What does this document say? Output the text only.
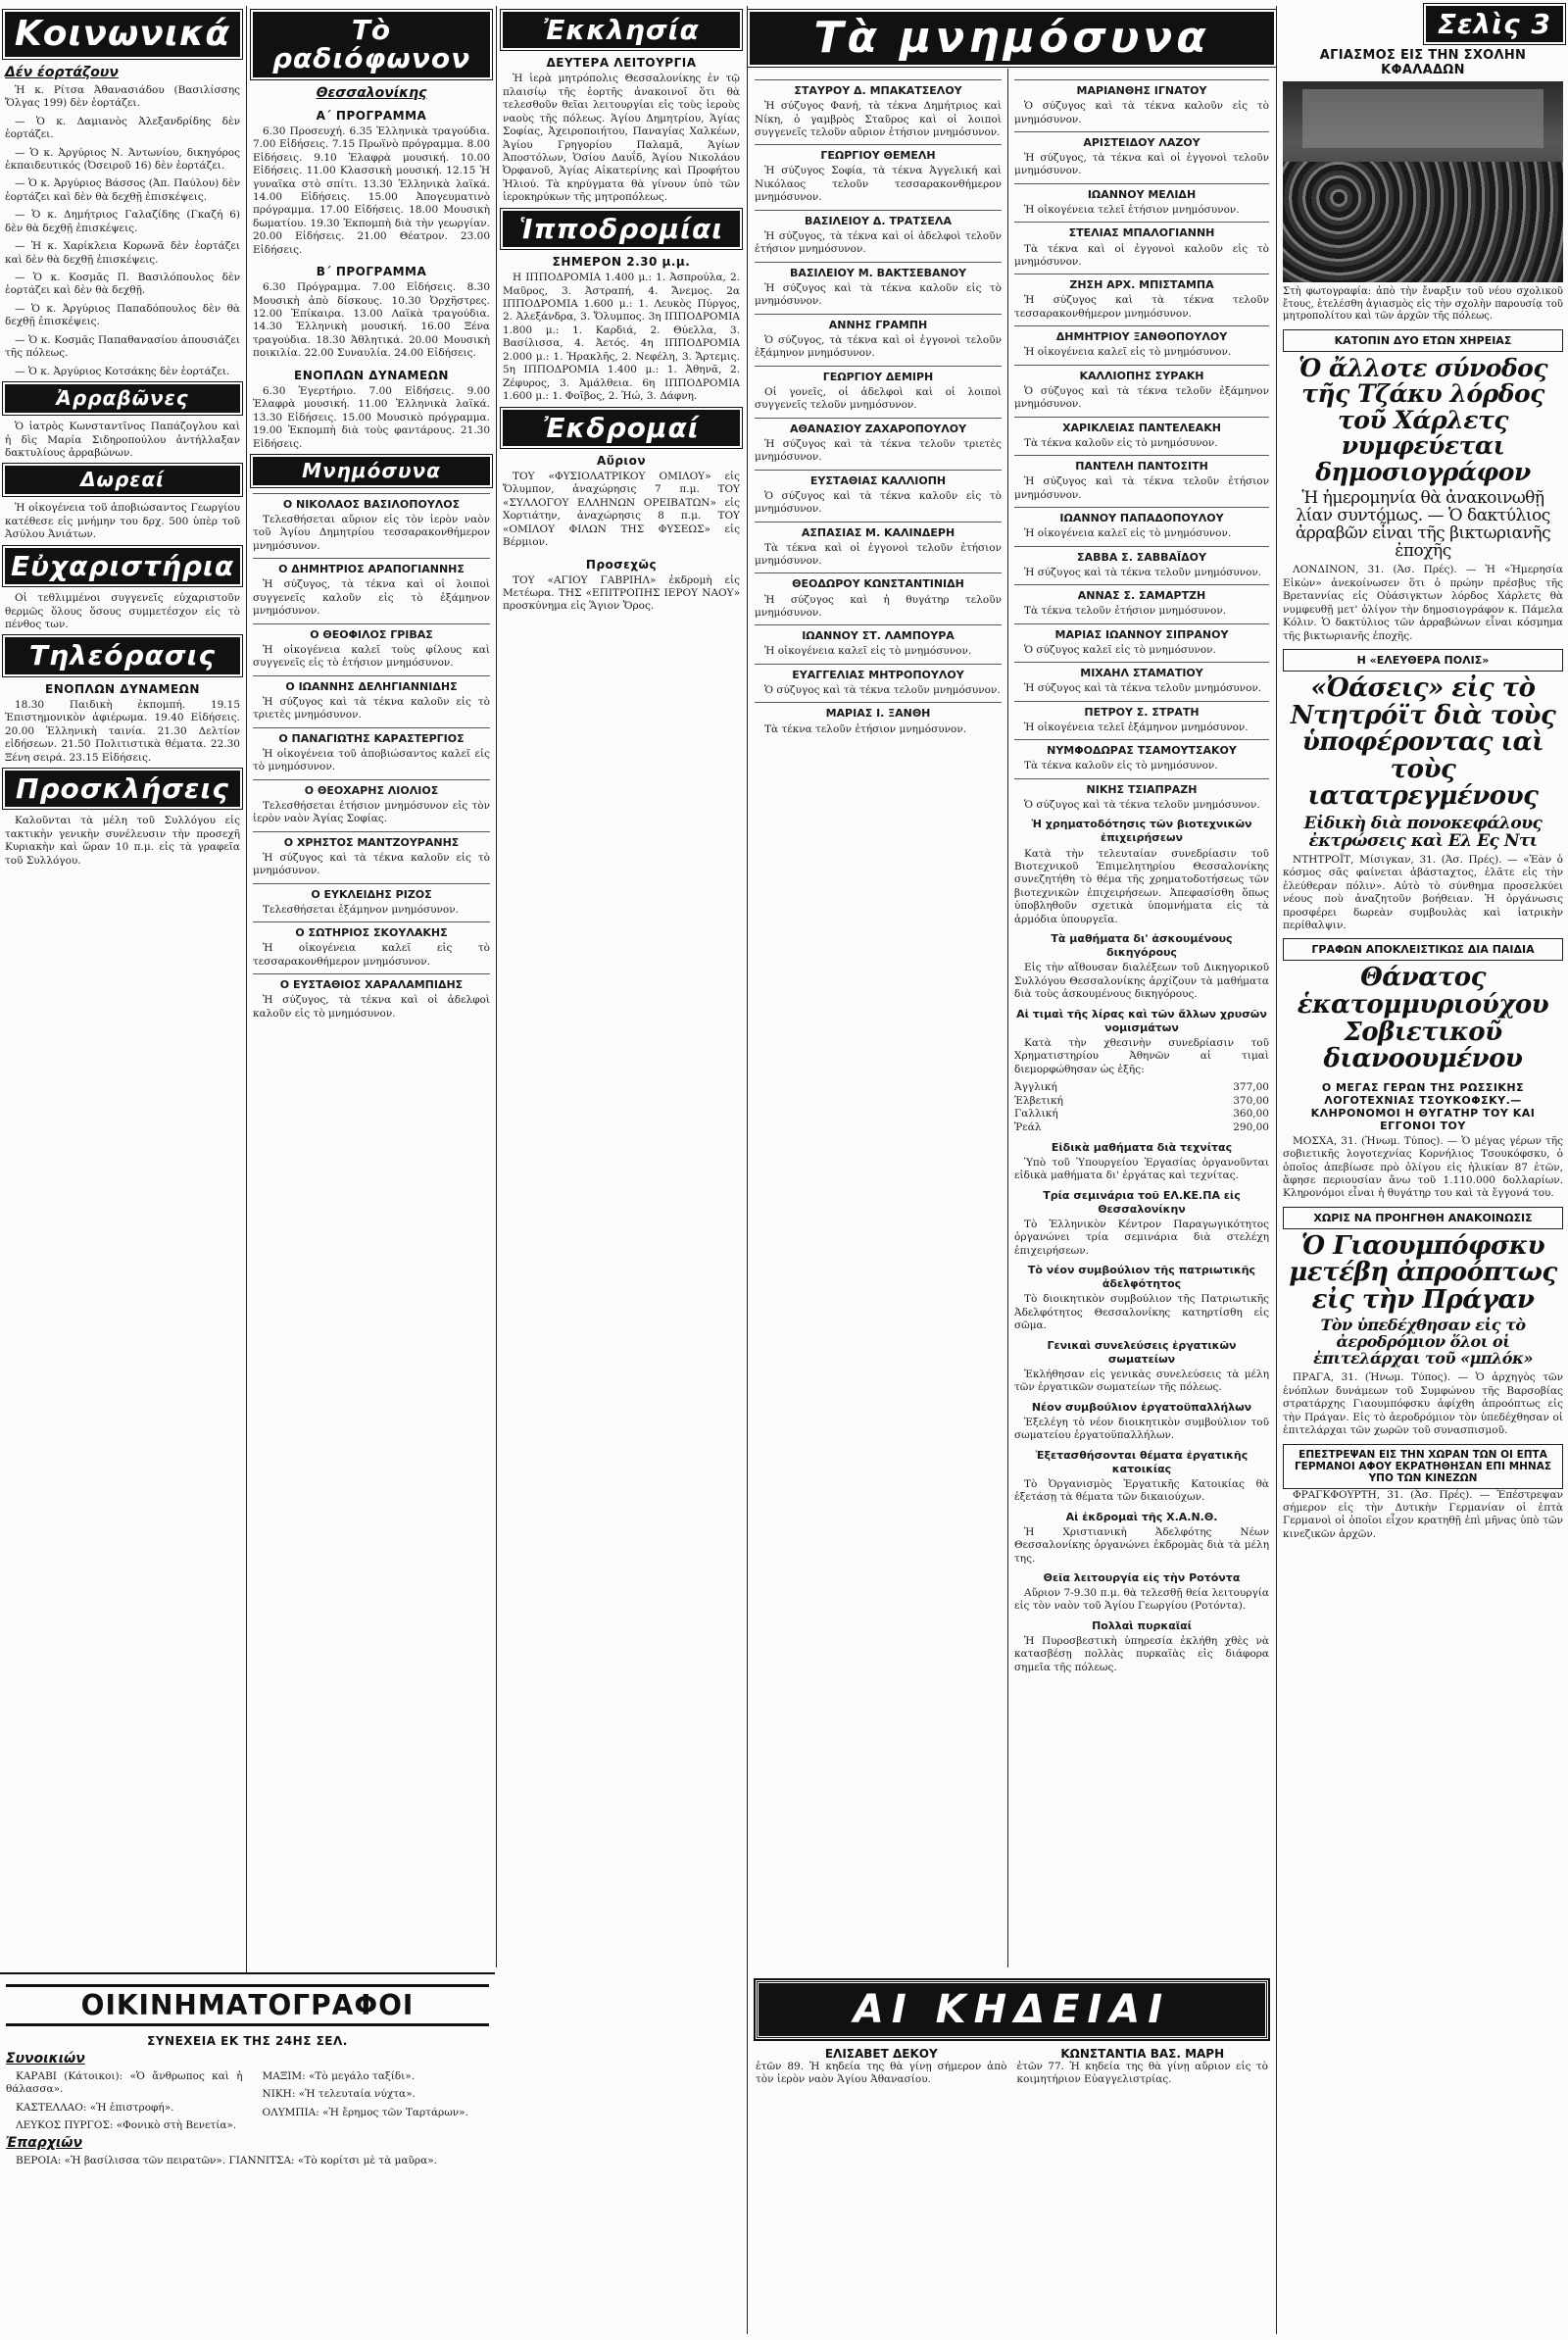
Κοινωνικά
Δέν έορτάζουν
Ἡ κ. Ρίτσα Ἀθανασιάδου (Βασιλίσσης Ὄλγας 199) δὲν ἑορτάζει.
— Ὁ κ. Δαμιανὸς Ἀλεξανδρίδης δὲν ἑορτάζει.
— Ὁ κ. Ἀργύριος Ν. Ἀντωνίου, δικηγόρος ἐκπαιδευτικός (Ὀσειροῦ 16) δὲν ἑορτάζει.
— Ὁ κ. Ἀργύριος Βάσσος (Ἀπ. Παύλου) δὲν ἑορτάζει καὶ δὲν θὰ δεχθῇ ἐπισκέψεις.
— Ὁ κ. Δημήτριος Γαλαζίδης (Γκαζή 6) δὲν θὰ δεχθῇ ἐπισκέψεις.
— Ἡ κ. Χαρίκλεια Κορωνᾶ δὲν ἑορτάζει καὶ δὲν θὰ δεχθῇ ἐπισκέψεις.
— Ὁ κ. Κοσμᾶς Π. Βασιλόπουλος δὲν ἑορτάζει καὶ δὲν θὰ δεχθῇ.
— Ὁ κ. Ἀργύριος Παπαδόπουλος δὲν θὰ δεχθῇ ἐπισκέψεις.
— Ὁ κ. Κοσμᾶς Παπαθανασίου ἀπουσιάζει τῆς πόλεως.
— Ὁ κ. Ἀργύριος Κοτσάκης δὲν ἑορτάζει.
Ἀρραβῶνες
Ὁ ἰατρὸς Κωνσταντῖνος Παπάζογλου καὶ ἡ δὶς Μαρία Σιδηροπούλου ἀντήλλαξαν δακτυλίους ἀρραβώνων.
Δωρεαί
Ἡ οἰκογένεια τοῦ ἀποβιώσαντος Γεωργίου κατέθεσε εἰς μνήμην του δρχ. 500 ὑπὲρ τοῦ Ἀσύλου Ἀνιάτων.
Εὐχαριστήρια
Οἱ τεθλιμμένοι συγγενεῖς εὐχαριστοῦν θερμῶς ὅλους ὅσους συμμετέσχον εἰς τὸ πένθος των.
Τηλεόρασις
ΕΝΟΠΛΩΝ ΔΥΝΑΜΕΩΝ
18.30 Παιδικὴ ἐκπομπή. 19.15 Ἐπιστημονικὸν ἀφιέρωμα. 19.40 Εἰδήσεις. 20.00 Ἑλληνικὴ ταινία. 21.30 Δελτίον εἰδήσεων. 21.50 Πολιτιστικὰ θέματα. 22.30 Ξένη σειρά. 23.15 Εἰδήσεις.
Προσκλήσεις
Καλοῦνται τὰ μέλη τοῦ Συλλόγου εἰς τακτικὴν γενικὴν συνέλευσιν τὴν προσεχῆ Κυριακὴν καὶ ὥραν 10 π.μ. εἰς τὰ γραφεῖα τοῦ Συλλόγου.
ΟΙΚΙΝΗΜΑΤΟΓΡΑΦΟΙ
ΣΥΝΕΧΕΙΑ ΕΚ ΤΗΣ 24ΗΣ ΣΕΛ.
Συνοικιών
ΚΑΡΑΒΙ (Κάτοικοι): «Ὁ ἄνθρωπος καὶ ἡ θάλασσα».
ΚΑΣΤΕΛΛΑΟ: «Ἡ ἐπιστροφή».
ΛΕΥΚΟΣ ΠΥΡΓΟΣ: «Φονικὸ στὴ Βενετία».
ΜΑΞΙΜ: «Τὸ μεγάλο ταξίδι».
ΝΙΚΗ: «Ἡ τελευταία νύχτα».
ΟΛΥΜΠΙΑ: «Ἡ ἔρημος τῶν Ταρτάρων».
Ἐπαρχιῶν
ΒΕΡΟΙΑ: «Ἡ βασίλισσα τῶν πειρατῶν». ΓΙΑΝΝΙΤΣΑ: «Τὸ κορίτσι μὲ τὰ μαῦρα».
Τὸ ραδιόφωνον
Θεσσαλονίκης
Α΄ ΠΡΟΓΡΑΜΜΑ
6.30 Προσευχή. 6.35 Ἑλληνικὰ τραγούδια. 7.00 Εἰδήσεις. 7.15 Πρωϊνὸ πρόγραμμα. 8.00 Εἰδήσεις. 9.10 Ἐλαφρὰ μουσική. 10.00 Εἰδήσεις. 11.00 Κλασσικὴ μουσική. 12.15 Ἡ γυναῖκα στὸ σπίτι. 13.30 Ἑλληνικὰ λαϊκά. 14.00 Εἰδήσεις. 15.00 Ἀπογευματινὸ πρόγραμμα. 17.00 Εἰδήσεις. 18.00 Μουσικὴ δωματίου. 19.30 Ἐκπομπὴ διὰ τὴν γεωργίαν. 20.00 Εἰδήσεις. 21.00 Θέατρον. 23.00 Εἰδήσεις.
Β΄ ΠΡΟΓΡΑΜΜΑ
6.30 Πρόγραμμα. 7.00 Εἰδήσεις. 8.30 Μουσικὴ ἀπὸ δίσκους. 10.30 Ὀρχῆστρες. 12.00 Ἐπίκαιρα. 13.00 Λαϊκὰ τραγούδια. 14.30 Ἑλληνικὴ μουσική. 16.00 Ξένα τραγούδια. 18.30 Ἀθλητικά. 20.00 Μουσικὴ ποικιλία. 22.00 Συναυλία. 24.00 Εἰδήσεις.
ΕΝΟΠΛΩΝ ΔΥΝΑΜΕΩΝ
6.30 Ἐγερτήριο. 7.00 Εἰδήσεις. 9.00 Ἐλαφρὰ μουσική. 11.00 Ἑλληνικὰ λαϊκά. 13.30 Εἰδήσεις. 15.00 Μουσικὸ πρόγραμμα. 19.00 Ἐκπομπὴ διὰ τοὺς φαντάρους. 21.30 Εἰδήσεις.
Μνημόσυνα
Ο ΝΙΚΟΛΑΟΣ ΒΑΣΙΛΟΠΟΥΛΟΣ
Τελεσθήσεται αὔριον εἰς τὸν ἱερὸν ναὸν τοῦ Ἁγίου Δημητρίου τεσσαρακονθήμερον μνημόσυνον.
Ο ΔΗΜΗΤΡΙΟΣ ΑΡΑΠΟΓΙΑΝΝΗΣ
Ἡ σύζυγος, τὰ τέκνα καὶ οἱ λοιποὶ συγγενεῖς καλοῦν εἰς τὸ ἐξάμηνον μνημόσυνον.
Ο ΘΕΟΦΙΛΟΣ ΓΡΙΒΑΣ
Ἡ οἰκογένεια καλεῖ τοὺς φίλους καὶ συγγενεῖς εἰς τὸ ἐτήσιον μνημόσυνον.
Ο ΙΩΑΝΝΗΣ ΔΕΛΗΓΙΑΝΝΙΔΗΣ
Ἡ σύζυγος καὶ τὰ τέκνα καλοῦν εἰς τὸ τριετὲς μνημόσυνον.
Ο ΠΑΝΑΓΙΩΤΗΣ ΚΑΡΑΣΤΕΡΓΙΟΣ
Ἡ οἰκογένεια τοῦ ἀποβιώσαντος καλεῖ εἰς τὸ μνημόσυνον.
Ο ΘΕΟΧΑΡΗΣ ΛΙΟΛΙΟΣ
Τελεσθήσεται ἐτήσιον μνημόσυνον εἰς τὸν ἱερὸν ναὸν Ἁγίας Σοφίας.
Ο ΧΡΗΣΤΟΣ ΜΑΝΤΖΟΥΡΑΝΗΣ
Ἡ σύζυγος καὶ τὰ τέκνα καλοῦν εἰς τὸ μνημόσυνον.
Ο ΕΥΚΛΕΙΔΗΣ ΡΙΖΟΣ
Τελεσθήσεται ἐξάμηνον μνημόσυνον.
Ο ΣΩΤΗΡΙΟΣ ΣΚΟΥΛΑΚΗΣ
Ἡ οἰκογένεια καλεῖ εἰς τὸ τεσσαρακονθήμερον μνημόσυνον.
Ο ΕΥΣΤΑΘΙΟΣ ΧΑΡΑΛΑΜΠΙΔΗΣ
Ἡ σύζυγος, τὰ τέκνα καὶ οἱ ἀδελφοὶ καλοῦν εἰς τὸ μνημόσυνον.
Ἐκκλησία
ΔΕΥΤΕΡΑ ΛΕΙΤΟΥΡΓΙΑ
Ἡ ἱερὰ μητρόπολις Θεσσαλονίκης ἐν τῷ πλαισίῳ τῆς ἑορτῆς ἀνακοινοῖ ὅτι θὰ τελεσθοῦν θεῖαι λειτουργίαι εἰς τοὺς ἱεροὺς ναοὺς τῆς πόλεως. Ἁγίου Δημητρίου, Ἁγίας Σοφίας, Ἀχειροποιήτου, Παναγίας Χαλκέων, Ἁγίου Γρηγορίου Παλαμᾶ, Ἁγίων Ἀποστόλων, Ὁσίου Δαυΐδ, Ἁγίου Νικολάου Ὀρφανοῦ, Ἁγίας Αἰκατερίνης καὶ Προφήτου Ἠλιού. Τὰ κηρύγματα θὰ γίνουν ὑπὸ τῶν ἱεροκηρύκων τῆς μητροπόλεως.
Ἱπποδρομίαι
ΣΗΜΕΡΟΝ 2.30 μ.μ.
Η ΙΠΠΟΔΡΟΜΙΑ 1.400 μ.: 1. Ἀσπρούλα, 2. Μαῦρος, 3. Ἀστραπή, 4. Ἄνεμος. 2α ΙΠΠΟΔΡΟΜΙΑ 1.600 μ.: 1. Λευκὸς Πύργος, 2. Ἀλεξάνδρα, 3. Ὄλυμπος. 3η ΙΠΠΟΔΡΟΜΙΑ 1.800 μ.: 1. Καρδιά, 2. Θύελλα, 3. Βασίλισσα, 4. Ἀετός. 4η ΙΠΠΟΔΡΟΜΙΑ 2.000 μ.: 1. Ἡρακλῆς, 2. Νεφέλη, 3. Ἄρτεμις. 5η ΙΠΠΟΔΡΟΜΙΑ 1.400 μ.: 1. Ἀθηνᾶ, 2. Ζέφυρος, 3. Ἀμάλθεια. 6η ΙΠΠΟΔΡΟΜΙΑ 1.600 μ.: 1. Φοῖβος, 2. Ἠώ, 3. Δάφνη.
Ἐκδρομαί
Αὔριον
ΤΟΥ «ΦΥΣΙΟΛΑΤΡΙΚΟΥ ΟΜΙΛΟΥ» εἰς Ὄλυμπον, ἀναχώρησις 7 π.μ. ΤΟΥ «ΣΥΛΛΟΓΟΥ ΕΛΛΗΝΩΝ ΟΡΕΙΒΑΤΩΝ» εἰς Χορτιάτην, ἀναχώρησις 8 π.μ. ΤΟΥ «ΟΜΙΛΟΥ ΦΙΛΩΝ ΤΗΣ ΦΥΣΕΩΣ» εἰς Βέρμιον.
Προσεχῶς
ΤΟΥ «ΑΓΙΟΥ ΓΑΒΡΙΗΛ» ἐκδρομὴ εἰς Μετέωρα. ΤΗΣ «ΕΠΙΤΡΟΠΗΣ ΙΕΡΟΥ ΝΑΟΥ» προσκύνημα εἰς Ἅγιον Ὄρος.
Τὰ μνημόσυνα
ΣΤΑΥΡΟΥ Δ. ΜΠΑΚΑΤΣΕΛΟΥ
Ἡ σύζυγος Φανή, τὰ τέκνα Δημήτριος καὶ Νίκη, ὁ γαμβρὸς Σταῦρος καὶ οἱ λοιποὶ συγγενεῖς τελοῦν αὔριον ἐτήσιον μνημόσυνον.
ΓΕΩΡΓΙΟΥ ΘΕΜΕΛΗ
Ἡ σύζυγος Σοφία, τὰ τέκνα Ἀγγελική καὶ Νικόλαος τελοῦν τεσσαρακονθήμερον μνημόσυνον.
ΒΑΣΙΛΕΙΟΥ Δ. ΤΡΑΤΣΕΛΑ
Ἡ σύζυγος, τὰ τέκνα καὶ οἱ ἀδελφοὶ τελοῦν ἐτήσιον μνημόσυνον.
ΒΑΣΙΛΕΙΟΥ Μ. ΒΑΚΤΣΕΒΑΝΟΥ
Ἡ σύζυγος καὶ τὰ τέκνα καλοῦν εἰς τὸ μνημόσυνον.
ΑΝΝΗΣ ΓΡΑΜΠΗ
Ὁ σύζυγος, τὰ τέκνα καὶ οἱ ἐγγονοὶ τελοῦν ἐξάμηνον μνημόσυνον.
ΓΕΩΡΓΙΟΥ ΔΕΜΙΡΗ
Οἱ γονεῖς, οἱ ἀδελφοὶ καὶ οἱ λοιποὶ συγγενεῖς τελοῦν μνημόσυνον.
ΑΘΑΝΑΣΙΟΥ ΖΑΧΑΡΟΠΟΥΛΟΥ
Ἡ σύζυγος καὶ τὰ τέκνα τελοῦν τριετὲς μνημόσυνον.
ΕΥΣΤΑΘΙΑΣ ΚΑΛΛΙΟΠΗ
Ὁ σύζυγος καὶ τὰ τέκνα καλοῦν εἰς τὸ μνημόσυνον.
ΑΣΠΑΣΙΑΣ Μ. ΚΑΛΙΝΔΕΡΗ
Τὰ τέκνα καὶ οἱ ἐγγονοὶ τελοῦν ἐτήσιον μνημόσυνον.
ΘΕΟΔΩΡΟΥ ΚΩΝΣΤΑΝΤΙΝΙΔΗ
Ἡ σύζυγος καὶ ἡ θυγάτηρ τελοῦν μνημόσυνον.
ΙΩΑΝΝΟΥ ΣΤ. ΛΑΜΠΟΥΡΑ
Ἡ οἰκογένεια καλεῖ εἰς τὸ μνημόσυνον.
ΕΥΑΓΓΕΛΙΑΣ ΜΗΤΡΟΠΟΥΛΟΥ
Ὁ σύζυγος καὶ τὰ τέκνα τελοῦν μνημόσυνον.
ΜΑΡΙΑΣ Ι. ΞΑΝΘΗ
Τὰ τέκνα τελοῦν ἐτήσιον μνημόσυνον.
ΜΑΡΙΑΝΘΗΣ ΙΓΝΑΤΟΥ
Ὁ σύζυγος καὶ τὰ τέκνα καλοῦν εἰς τὸ μνημόσυνον.
ΑΡΙΣΤΕΙΔΟΥ ΛΑΖΟΥ
Ἡ σύζυγος, τὰ τέκνα καὶ οἱ ἐγγονοὶ τελοῦν μνημόσυνον.
ΙΩΑΝΝΟΥ ΜΕΛΙΔΗ
Ἡ οἰκογένεια τελεῖ ἐτήσιον μνημόσυνον.
ΣΤΕΛΙΑΣ ΜΠΑΛΟΓΙΑΝΝΗ
Τὰ τέκνα καὶ οἱ ἐγγονοὶ καλοῦν εἰς τὸ μνημόσυνον.
ΖΗΣΗ ΑΡΧ. ΜΠΙΣΤΑΜΠΑ
Ἡ σύζυγος καὶ τὰ τέκνα τελοῦν τεσσαρακονθήμερον μνημόσυνον.
ΔΗΜΗΤΡΙΟΥ ΞΑΝΘΟΠΟΥΛΟΥ
Ἡ οἰκογένεια καλεῖ εἰς τὸ μνημόσυνον.
ΚΑΛΛΙΟΠΗΣ ΣΥΡΑΚΗ
Ὁ σύζυγος καὶ τὰ τέκνα τελοῦν ἐξάμηνον μνημόσυνον.
ΧΑΡΙΚΛΕΙΑΣ ΠΑΝΤΕΛΕΑΚΗ
Τὰ τέκνα καλοῦν εἰς τὸ μνημόσυνον.
ΠΑΝΤΕΛΗ ΠΑΝΤΟΣΙΤΗ
Ἡ σύζυγος καὶ τὰ τέκνα τελοῦν ἐτήσιον μνημόσυνον.
ΙΩΑΝΝΟΥ ΠΑΠΑΔΟΠΟΥΛΟΥ
Ἡ οἰκογένεια καλεῖ εἰς τὸ μνημόσυνον.
ΣΑΒΒΑ Σ. ΣΑΒΒΑΪΔΟΥ
Ἡ σύζυγος καὶ τὰ τέκνα τελοῦν μνημόσυνον.
ΑΝΝΑΣ Σ. ΣΑΜΑΡΤΖΗ
Τὰ τέκνα τελοῦν ἐτήσιον μνημόσυνον.
ΜΑΡΙΑΣ ΙΩΑΝΝΟΥ ΣΙΠΡΑΝΟΥ
Ὁ σύζυγος καλεῖ εἰς τὸ μνημόσυνον.
ΜΙΧΑΗΛ ΣΤΑΜΑΤΙΟΥ
Ἡ σύζυγος καὶ τὰ τέκνα τελοῦν μνημόσυνον.
ΠΕΤΡΟΥ Σ. ΣΤΡΑΤΗ
Ἡ οἰκογένεια τελεῖ ἐξάμηνον μνημόσυνον.
ΝΥΜΦΟΔΩΡΑΣ ΤΣΑΜΟΥΤΣΑΚΟΥ
Τὰ τέκνα καλοῦν εἰς τὸ μνημόσυνον.
ΝΙΚΗΣ ΤΣΙΑΠΡΑΖΗ
Ὁ σύζυγος καὶ τὰ τέκνα τελοῦν μνημόσυνον.
Ἡ χρηματοδότησις τῶν βιοτεχνικῶν ἐπιχειρήσεων
Κατὰ τὴν τελευταίαν συνεδρίασιν τοῦ Βιοτεχνικοῦ Ἐπιμελητηρίου Θεσσαλονίκης συνεζητήθη τὸ θέμα τῆς χρηματοδοτήσεως τῶν βιοτεχνικῶν ἐπιχειρήσεων. Ἀπεφασίσθη ὅπως ὑποβληθοῦν σχετικὰ ὑπομνήματα εἰς τὰ ἁρμόδια ὑπουργεῖα.
Τὰ μαθήματα δι' ἀσκουμένους δικηγόρους
Εἰς τὴν αἴθουσαν διαλέξεων τοῦ Δικηγορικοῦ Συλλόγου Θεσσαλονίκης ἀρχίζουν τὰ μαθήματα διὰ τοὺς ἀσκουμένους δικηγόρους.
Αἱ τιμαὶ τῆς λίρας καὶ τῶν ἄλλων χρυσῶν νομισμάτων
Κατὰ τὴν χθεσινὴν συνεδρίασιν τοῦ Χρηματιστηρίου Ἀθηνῶν αἱ τιμαὶ διεμορφώθησαν ὡς ἑξῆς:
Ἀγγλική	377,00
Ἐλβετική	370,00
Γαλλική	360,00
Ῥεάλ	290,00
Εἰδικὰ μαθήματα διὰ τεχνίτας
Ὑπὸ τοῦ Ὑπουργείου Ἐργασίας ὀργανοῦνται εἰδικὰ μαθήματα δι' ἐργάτας καὶ τεχνίτας.
Τρία σεμινάρια τοῦ ΕΛ.ΚΕ.ΠΑ εἰς Θεσσαλονίκην
Τὸ Ἑλληνικὸν Κέντρον Παραγωγικότητος ὀργανώνει τρία σεμινάρια διὰ στελέχη ἐπιχειρήσεων.
Τὸ νέον συμβούλιον τῆς πατριωτικῆς ἀδελφότητος
Τὸ διοικητικὸν συμβούλιον τῆς Πατριωτικῆς Ἀδελφότητος Θεσσαλονίκης κατηρτίσθη εἰς σῶμα.
Γενικαὶ συνελεύσεις ἐργατικῶν σωματείων
Ἐκλήθησαν εἰς γενικὰς συνελεύσεις τὰ μέλη τῶν ἐργατικῶν σωματείων τῆς πόλεως.
Νέον συμβούλιον ἐργατοϋπαλλήλων
Ἐξελέγη τὸ νέον διοικητικὸν συμβούλιον τοῦ σωματείου ἐργατοϋπαλλήλων.
Ἐξετασθήσονται θέματα ἐργατικῆς κατοικίας
Τὸ Ὀργανισμὸς Ἐργατικῆς Κατοικίας θὰ ἐξετάσῃ τὰ θέματα τῶν δικαιούχων.
Αἱ ἐκδρομαὶ τῆς Χ.Α.Ν.Θ.
Ἡ Χριστιανικὴ Ἀδελφότης Νέων Θεσσαλονίκης ὀργανώνει ἐκδρομὰς διὰ τὰ μέλη της.
Θεῖα λειτουργία εἰς τὴν Ροτόντα
Αὔριον 7-9.30 π.μ. θὰ τελεσθῇ θεία λειτουργία εἰς τὸν ναὸν τοῦ Ἁγίου Γεωργίου (Ροτόντα).
Πολλαὶ πυρκαϊαί
Ἡ Πυροσβεστικὴ ὑπηρεσία ἐκλήθη χθὲς νὰ κατασβέσῃ πολλὰς πυρκαϊὰς εἰς διάφορα σημεῖα τῆς πόλεως.
ΑΙ ΚΗΔΕΙΑΙ
ΕΛΙΣΑΒΕΤ ΔΕΚΟΥ
ἐτῶν 89. Ἡ κηδεία της θὰ γίνῃ σήμερον ἀπὸ τὸν ἱερὸν ναὸν Ἁγίου Ἀθανασίου.
ΚΩΝΣΤΑΝΤΙΑ ΒΑΣ. ΜΑΡΗ
ἐτῶν 77. Ἡ κηδεία της θὰ γίνῃ αὔριον εἰς τὸ κοιμητήριον Εὐαγγελιστρίας.
Σελὶς 3
ΑΓΙΑΣΜΟΣ ΕΙΣ ΤΗΝ ΣΧΟΛΗΝ ΚΦΑΛΑΔΩΝ
Στὴ φωτογραφία: ἀπὸ τὴν ἔναρξιν τοῦ νέου σχολικοῦ ἔτους, ἐτελέσθη ἀγιασμὸς εἰς τὴν σχολὴν παρουσίᾳ τοῦ μητροπολίτου καὶ τῶν ἀρχῶν τῆς πόλεως.
ΚΑΤΟΠΙΝ ΔΥΟ ΕΤΩΝ ΧΗΡΕΙΑΣ
Ὁ ἄλλοτε σύνοδος τῆς Τζάκυ λόρδος τοῦ Χάρλετς νυμφεύεται δημοσιογράφον
Ἡ ἡμερομηνία θὰ ἀνακοινωθῇ λίαν συντόμως. — Ὁ δακτύλιος ἀρραβῶν εἶναι τῆς βικτωριανῆς ἐποχῆς
ΛΟΝΔΙΝΟΝ, 31. (Ἀσ. Πρές). — Ἡ «Ἡμερησία Εἰκὼν» ἀνεκοίνωσεν ὅτι ὁ πρώην πρέσβυς τῆς Βρεταννίας εἰς Οὐάσιγκτων λόρδος Χάρλετς θὰ νυμφευθῇ μετ' ὀλίγον τὴν δημοσιογράφον κ. Πάμελα Κόλιν. Ὁ δακτύλιος τῶν ἀρραβώνων εἶναι κόσμημα τῆς βικτωριανῆς ἐποχῆς.
Η «ΕΛΕΥΘΕΡΑ ΠΟΛΙΣ»
«Ὀάσεις» εἰς τὸ Ντητρόϊτ διὰ τοὺς ὑποφέροντας ιαὶ τοὺς ιατατρεγμένους
Εἰδικὴ διὰ πονοκεφάλους ἐκτρώσεις καὶ Ελ Ες Ντι
ΝΤΗΤΡΟΪΤ, Μίσιγκαν, 31. (Ἀσ. Πρές). — «Ἐὰν ὁ κόσμος σᾶς φαίνεται ἀβάσταχτος, ἐλᾶτε εἰς τὴν ἐλεύθεραν πόλιν». Αὐτὸ τὸ σύνθημα προσελκύει νέους ποὺ ἀναζητοῦν βοήθειαν. Ἡ ὀργάνωσις προσφέρει δωρεὰν συμβουλὰς καὶ ἰατρικὴν περίθαλψιν.
ΓΡΑΦΩΝ ΑΠΟΚΛΕΙΣΤΙΚΩΣ ΔΙΑ ΠΑΙΔΙΑ
Θάνατος ἑκατομμυριούχου Σοβιετικοῦ διανοουμένου
Ο ΜΕΓΑΣ ΓΕΡΩΝ ΤΗΣ ΡΩΣΣΙΚΗΣ ΛΟΓΟΤΕΧΝΙΑΣ ΤΣΟΥΚΟΦΣΚΥ.— ΚΛΗΡΟΝΟΜΟΙ Η ΘΥΓΑΤΗΡ ΤΟΥ ΚΑΙ ΕΓΓΟΝΟΙ ΤΟΥ
ΜΟΣΧΑ, 31. (Ἠνωμ. Τύπος). — Ὁ μέγας γέρων τῆς σοβιετικῆς λογοτεχνίας Κορνήλιος Τσουκόφσκυ, ὁ ὁποῖος ἀπεβίωσε πρὸ ὀλίγου εἰς ἡλικίαν 87 ἐτῶν, ἄφησε περιουσίαν ἄνω τοῦ 1.110.000 δολλαρίων. Κληρονόμοι εἶναι ἡ θυγάτηρ του καὶ τὰ ἔγγονά του.
ΧΩΡΙΣ ΝΑ ΠΡΟΗΓΗΘΗ ΑΝΑΚΟΙΝΩΣΙΣ
Ὁ Γιαουμπόφσκυ μετέβη ἀπροόπτως εἰς τὴν Πράγαν
Τὸν ὑπεδέχθησαν εἰς τὸ ἀεροδρόμιον ὅλοι οἱ ἐπιτελάρχαι τοῦ «μπλόκ»
ΠΡΑΓΑ, 31. (Ἠνωμ. Τύπος). — Ὁ ἀρχηγὸς τῶν ἐνόπλων δυνάμεων τοῦ Συμφώνου τῆς Βαρσοβίας στρατάρχης Γιαουμπόφσκυ ἀφίχθη ἀπροόπτως εἰς τὴν Πράγαν. Εἰς τὸ ἀεροδρόμιον τὸν ὑπεδέχθησαν οἱ ἐπιτελάρχαι τῶν χωρῶν τοῦ συνασπισμοῦ.
ΕΠΕΣΤΡΕΨΑΝ ΕΙΣ ΤΗΝ ΧΩΡΑΝ ΤΩΝ ΟΙ ΕΠΤΑ ΓΕΡΜΑΝΟΙ ΑΦΟΥ ΕΚΡΑΤΗΘΗΣΑΝ ΕΠΙ ΜΗΝΑΣ ΥΠΟ ΤΩΝ ΚΙΝΕΖΩΝ
ΦΡΑΓΚΦΟΥΡΤΗ, 31. (Ἀσ. Πρές). — Ἐπέστρεψαν σήμερον εἰς τὴν Δυτικὴν Γερμανίαν οἱ ἑπτὰ Γερμανοὶ οἱ ὁποῖοι εἶχον κρατηθῇ ἐπὶ μῆνας ὑπὸ τῶν κινεζικῶν ἀρχῶν.
